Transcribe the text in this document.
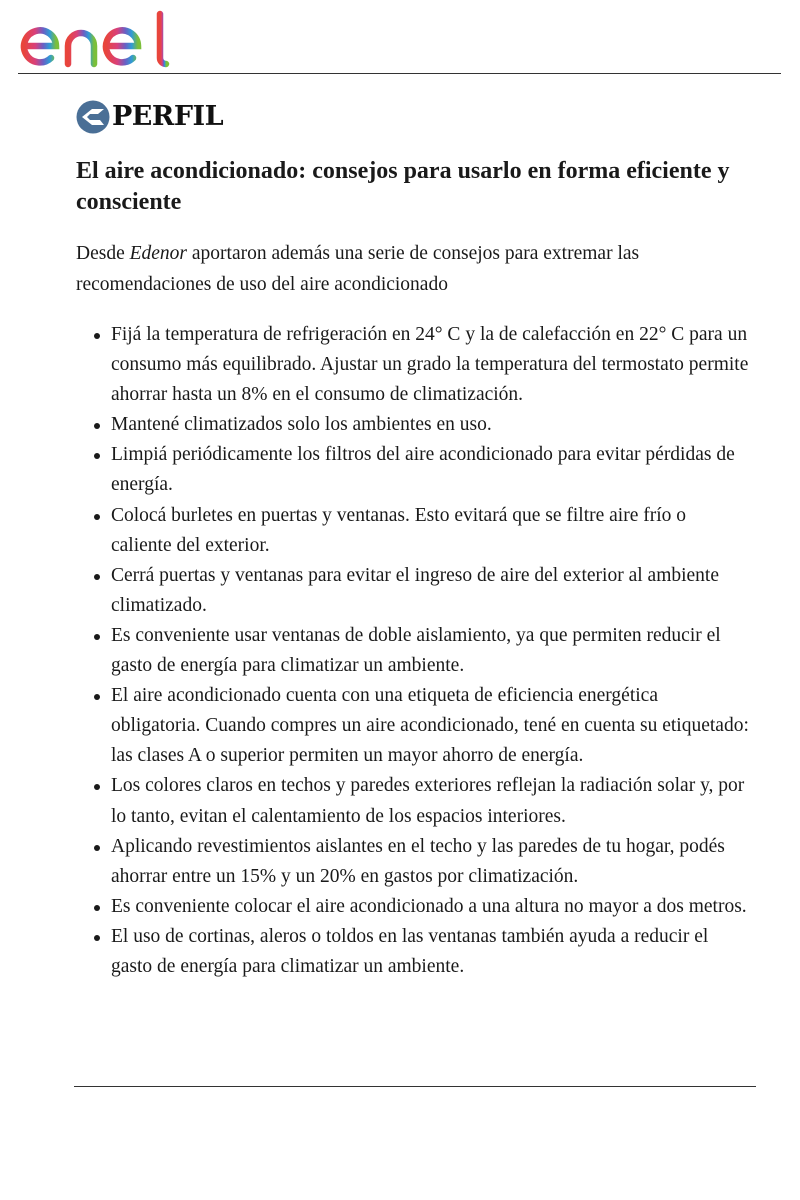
PERFIL
El aire acondicionado: consejos para usarlo en forma eficiente y consciente

Desde Edenor aportaron además una serie de consejos para extremar las recomendaciones de uso del aire acondicionado

Fijá la temperatura de refrigeración en 24° C y la de calefacción en 22° C para un consumo más equilibrado. Ajustar un grado la temperatura del termostato permite ahorrar hasta un 8% en el consumo de climatización.
Mantené climatizados solo los ambientes en uso.
Limpiá periódicamente los filtros del aire acondicionado para evitar pérdidas de energía.
Colocá burletes en puertas y ventanas. Esto evitará que se filtre aire frío o caliente del exterior.
Cerrá puertas y ventanas para evitar el ingreso de aire del exterior al ambiente climatizado.
Es conveniente usar ventanas de doble aislamiento, ya que permiten reducir el gasto de energía para climatizar un ambiente.
El aire acondicionado cuenta con una etiqueta de eficiencia energética obligatoria. Cuando compres un aire acondicionado, tené en cuenta su etiquetado: las clases A o superior permiten un mayor ahorro de energía.
Los colores claros en techos y paredes exteriores reflejan la radiación solar y, por lo tanto, evitan el calentamiento de los espacios interiores.
Aplicando revestimientos aislantes en el techo y las paredes de tu hogar, podés ahorrar entre un 15% y un 20% en gastos por climatización.
Es conveniente colocar el aire acondicionado a una altura no mayor a dos metros.
El uso de cortinas, aleros o toldos en las ventanas también ayuda a reducir el gasto de energía para climatizar un ambiente.
